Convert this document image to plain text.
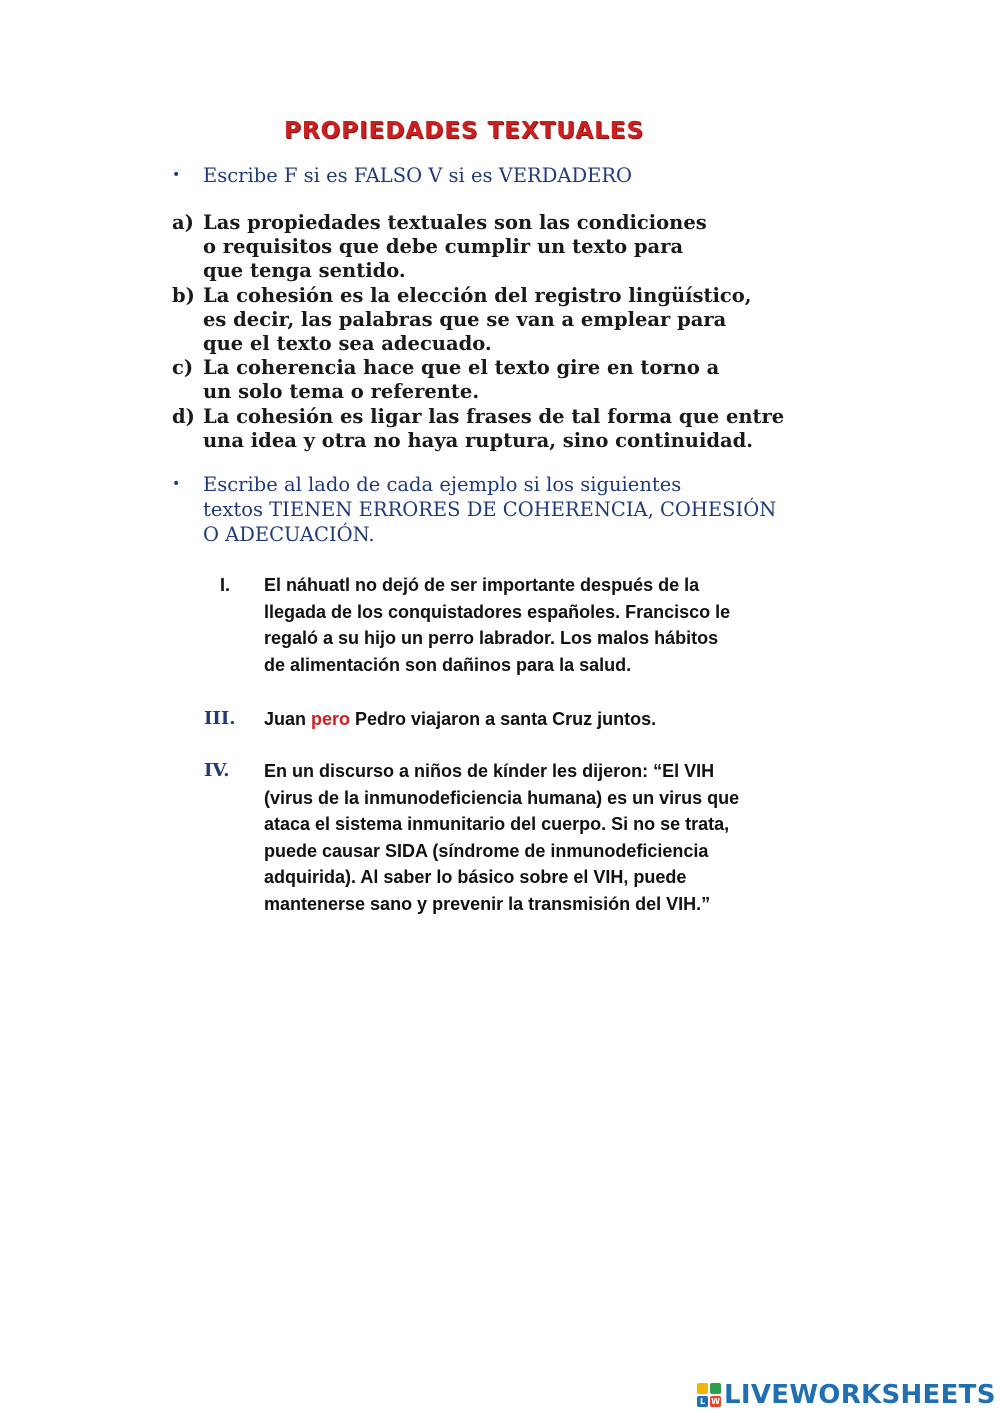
PROPIEDADES TEXTUALES
• Escribe F si es FALSO V si es VERDADERO
a) Las propiedades textuales son las condiciones
o requisitos que debe cumplir un texto para
que tenga sentido.
b) La cohesión es la elección del registro lingüístico,
es decir, las palabras que se van a emplear para
que el texto sea adecuado.
c) La coherencia hace que el texto gire en torno a
un solo tema o referente.
d) La cohesión es ligar las frases de tal forma que entre
una idea y otra no haya ruptura, sino continuidad.
• Escribe al lado de cada ejemplo si los siguientes
textos TIENEN ERRORES DE COHERENCIA, COHESIÓN
O ADECUACIÓN.
I. El náhuatl no dejó de ser importante después de la
llegada de los conquistadores españoles. Francisco le
regaló a su hijo un perro labrador. Los malos hábitos
de alimentación son dañinos para la salud.
III. Juan pero Pedro viajaron a santa Cruz juntos.
IV. En un discurso a niños de kínder les dijeron: “El VIH
(virus de la inmunodeficiencia humana) es un virus que
ataca el sistema inmunitario del cuerpo. Si no se trata,
puede causar SIDA (síndrome de inmunodeficiencia
adquirida). Al saber lo básico sobre el VIH, puede
mantenerse sano y prevenir la transmisión del VIH.”
L W LIVEWORKSHEETS
